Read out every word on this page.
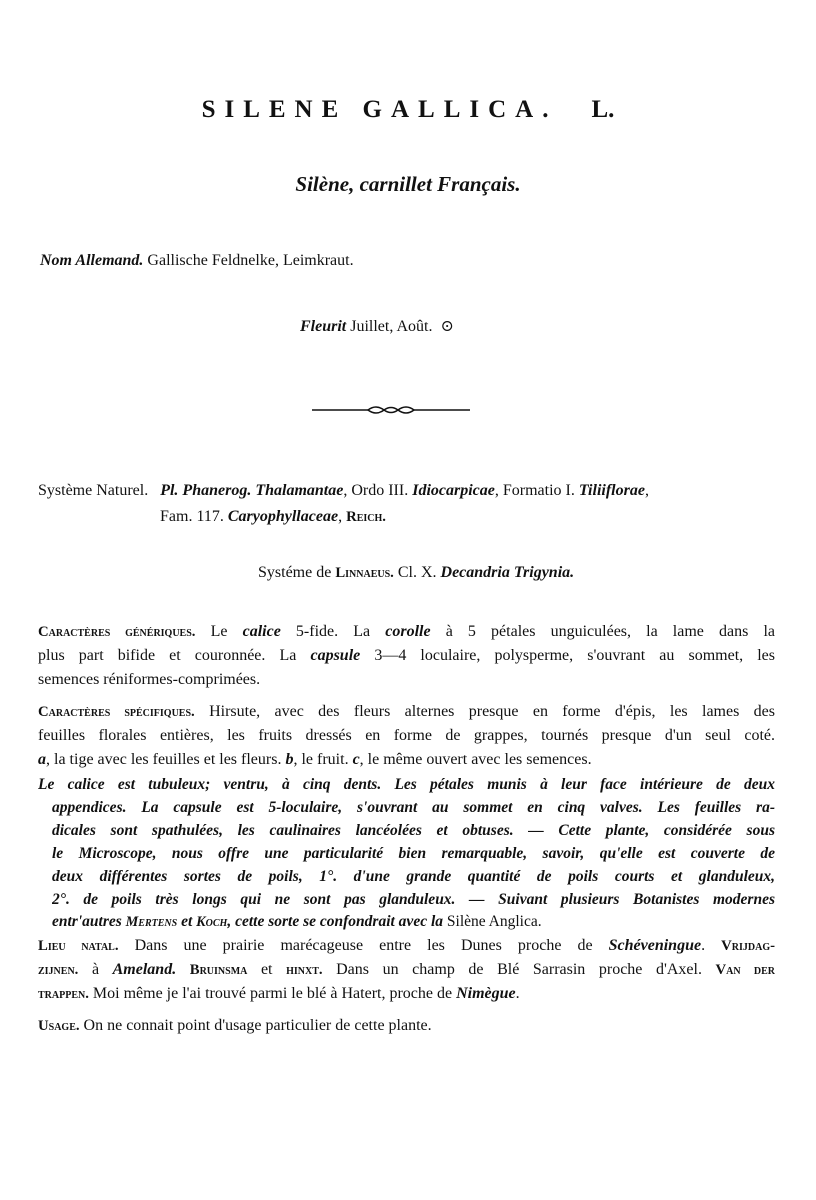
SILENE GALLICA. L.
Silène, carnillet Français.
Nom Allemand. Gallische Feldnelke, Leimkraut.
Fleurit Juillet, Août. ⊙
Système Naturel. Pl. Phanerog. Thalamantae, Ordo III. Idiocarpicae, Formatio I. Tiliiflorae,
Fam. 117. Caryophyllaceae, Reich.
Systéme de Linnaeus. Cl. X. Decandria Trigynia.
Caractères génériques. Le calice 5-fide. La corolle à 5 pétales unguiculées, la lame dans la
plus part bifide et couronnée. La capsule 3—4 loculaire, polysperme, s'ouvrant au sommet, les
semences réniformes-comprimées.
Caractères spécifiques. Hirsute, avec des fleurs alternes presque en forme d'épis, les lames des
feuilles florales entières, les fruits dressés en forme de grappes, tournés presque d'un seul coté.
a, la tige avec les feuilles et les fleurs. b, le fruit. c, le même ouvert avec les semences.
Le calice est tubuleux; ventru, à cinq dents. Les pétales munis à leur face intérieure de deux
appendices. La capsule est 5-loculaire, s'ouvrant au sommet en cinq valves. Les feuilles ra-
dicales sont spathulées, les caulinaires lancéolées et obtuses. — Cette plante, considérée sous
le Microscope, nous offre une particularité bien remarquable, savoir, qu'elle est couverte de
deux différentes sortes de poils, 1°. d'une grande quantité de poils courts et glanduleux,
2°. de poils très longs qui ne sont pas glanduleux. — Suivant plusieurs Botanistes modernes
entr'autres Mertens et Koch, cette sorte se confondrait avec la Silène Anglica.
Lieu natal. Dans une prairie marécageuse entre les Dunes proche de Schéveningue. Vrijdag-
zijnen. à Ameland. Bruinsma et hinxt. Dans un champ de Blé Sarrasin proche d'Axel. Van der
trappen. Moi même je l'ai trouvé parmi le blé à Hatert, proche de Nimègue.
Usage. On ne connait point d'usage particulier de cette plante.
